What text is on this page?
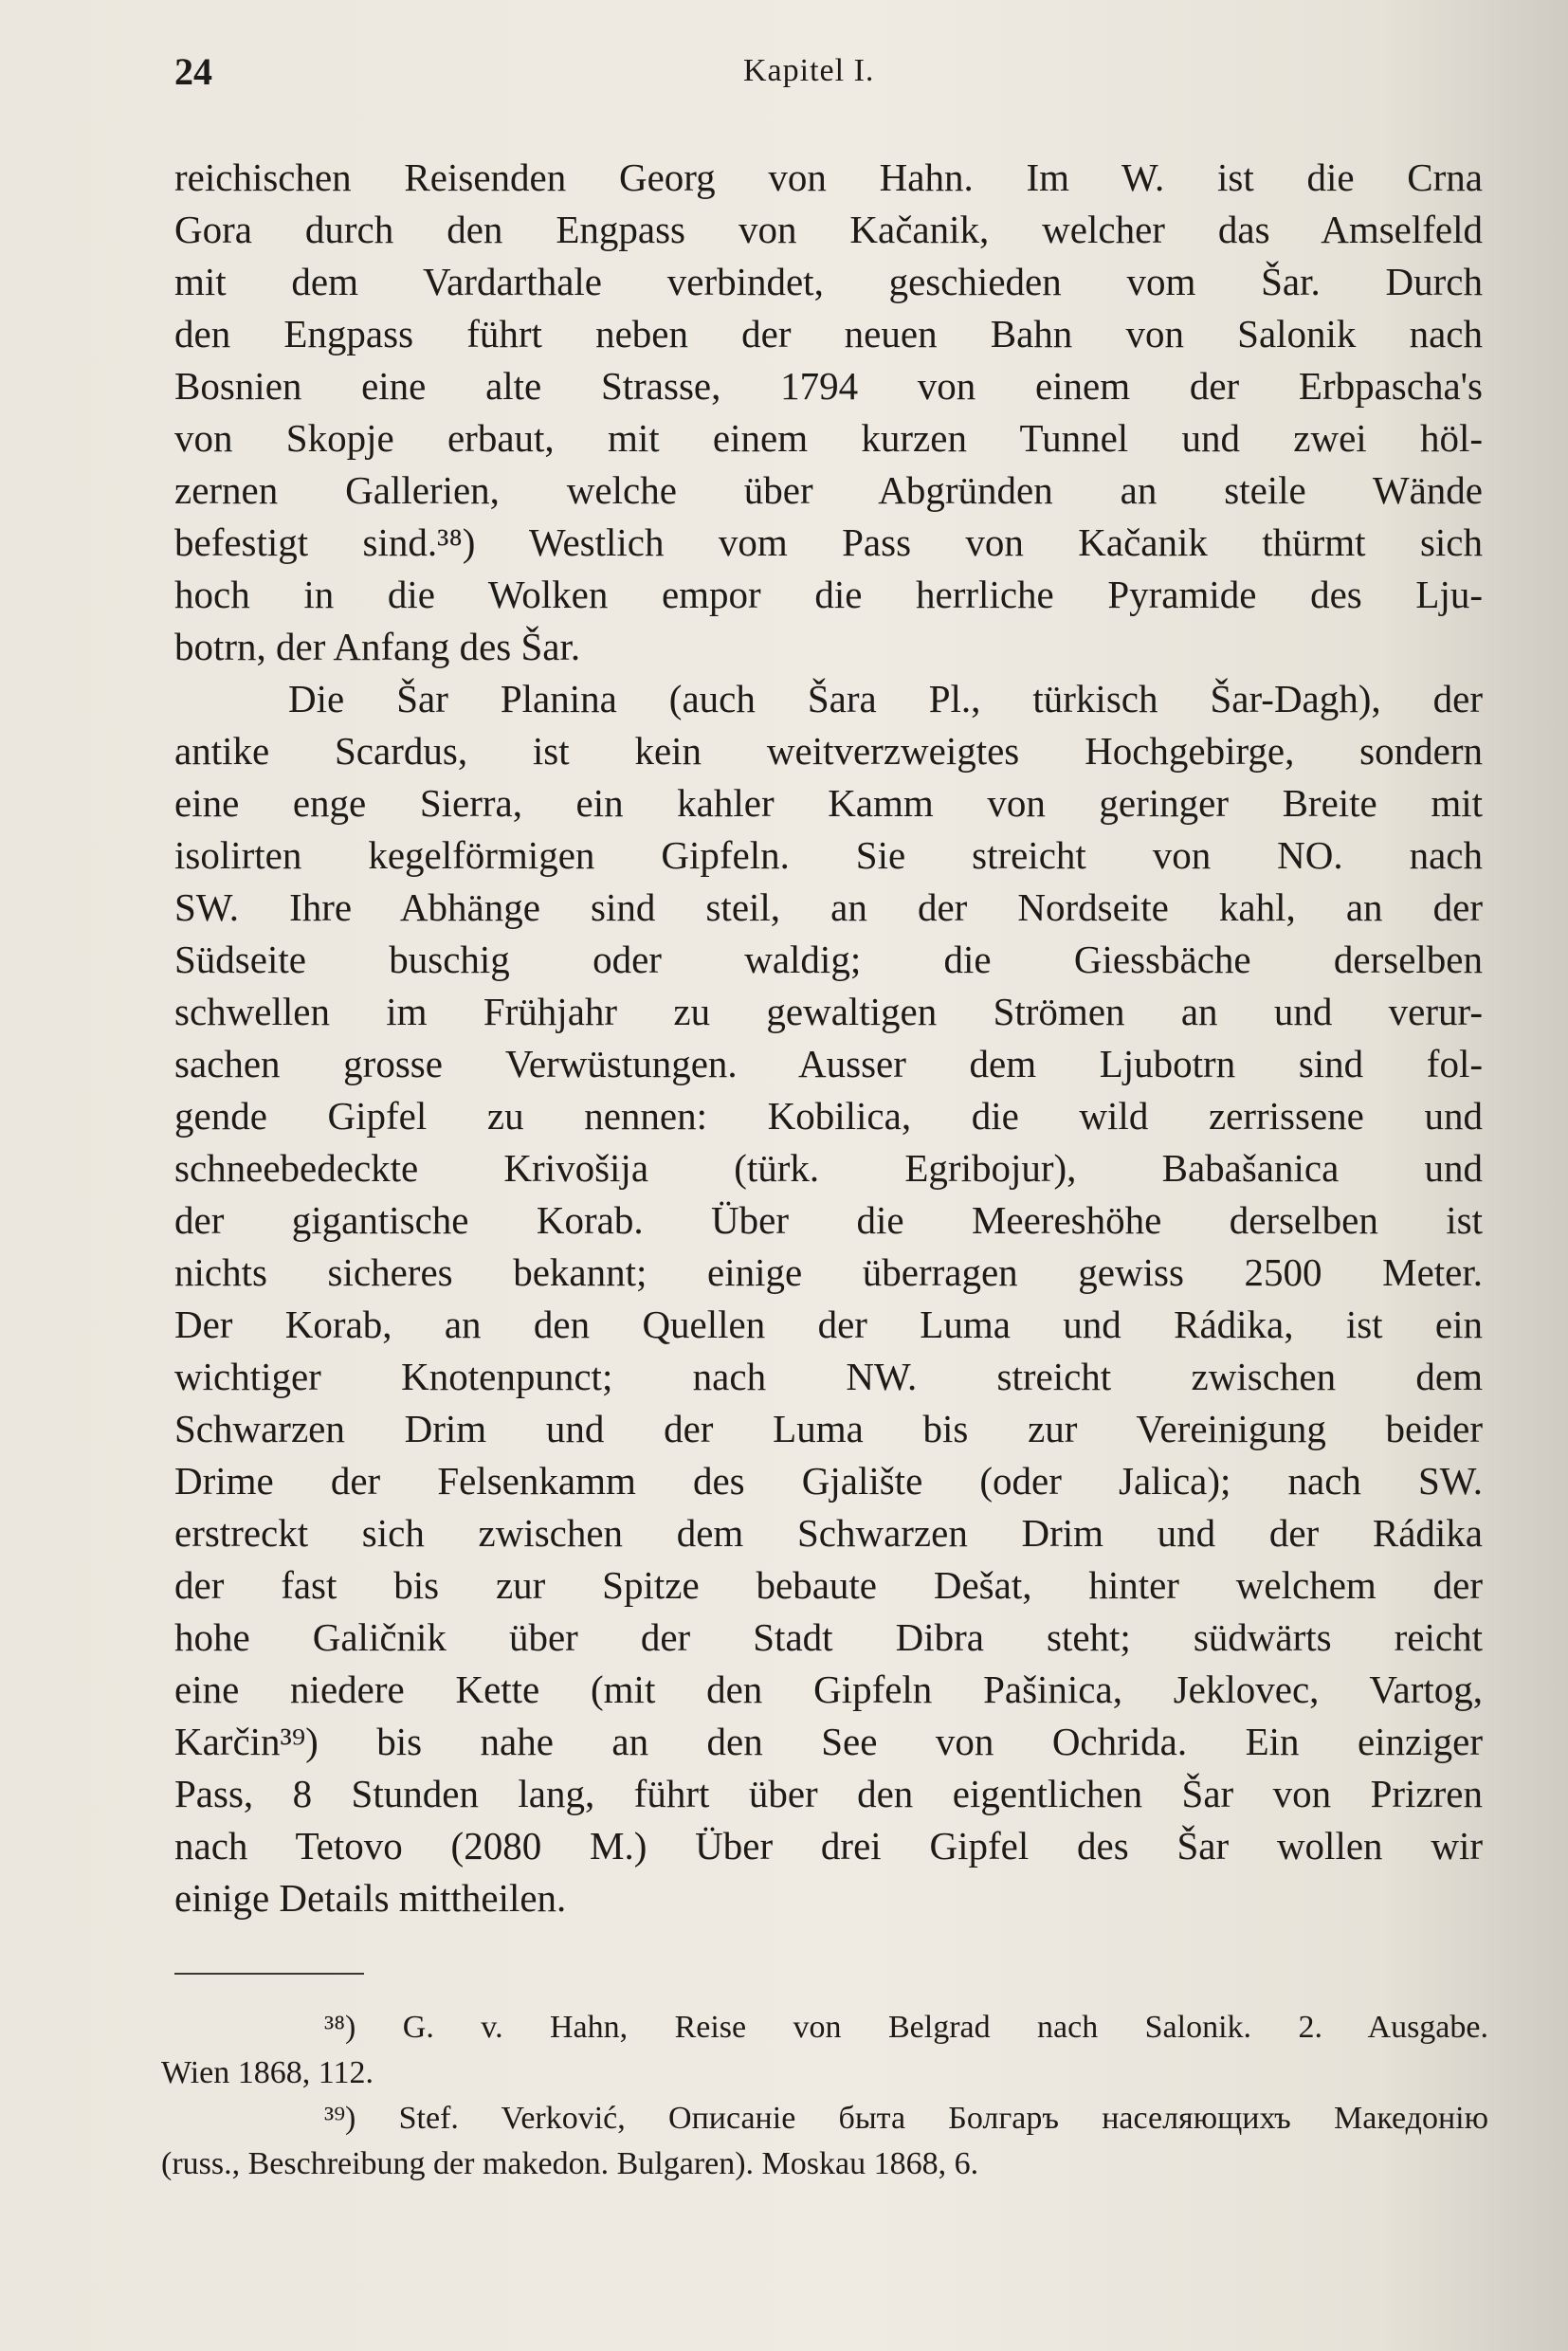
24	Kapitel I.
reichischen Reisenden Georg von Hahn. Im W. ist die Crna
Gora durch den Engpass von Kačanik, welcher das Amselfeld
mit dem Vardarthale verbindet, geschieden vom Šar. Durch
den Engpass führt neben der neuen Bahn von Salonik nach
Bosnien eine alte Strasse, 1794 von einem der Erbpascha's
von Skopje erbaut, mit einem kurzen Tunnel und zwei höl-
zernen Gallerien, welche über Abgründen an steile Wände
befestigt sind.³⁸) Westlich vom Pass von Kačanik thürmt sich
hoch in die Wolken empor die herrliche Pyramide des Lju-
botrn, der Anfang des Šar.
Die Šar Planina (auch Šara Pl., türkisch Šar-Dagh), der
antike Scardus, ist kein weitverzweigtes Hochgebirge, sondern
eine enge Sierra, ein kahler Kamm von geringer Breite mit
isolirten kegelförmigen Gipfeln. Sie streicht von NO. nach
SW. Ihre Abhänge sind steil, an der Nordseite kahl, an der
Südseite buschig oder waldig; die Giessbäche derselben
schwellen im Frühjahr zu gewaltigen Strömen an und verur-
sachen grosse Verwüstungen. Ausser dem Ljubotrn sind fol-
gende Gipfel zu nennen: Kobilica, die wild zerrissene und
schneebedeckte Krivošija (türk. Egribojur), Babašanica und
der gigantische Korab. Über die Meereshöhe derselben ist
nichts sicheres bekannt; einige überragen gewiss 2500 Meter.
Der Korab, an den Quellen der Luma und Rádika, ist ein
wichtiger Knotenpunct; nach NW. streicht zwischen dem
Schwarzen Drim und der Luma bis zur Vereinigung beider
Drime der Felsenkamm des Gjalište (oder Jalica); nach SW.
erstreckt sich zwischen dem Schwarzen Drim und der Rádika
der fast bis zur Spitze bebaute Dešat, hinter welchem der
hohe Galičnik über der Stadt Dibra steht; südwärts reicht
eine niedere Kette (mit den Gipfeln Pašinica, Jeklovec, Vartog,
Karčin³⁹) bis nahe an den See von Ochrida. Ein einziger
Pass, 8 Stunden lang, führt über den eigentlichen Šar von Prizren
nach Tetovo (2080 M.) Über drei Gipfel des Šar wollen wir
einige Details mittheilen.
³⁸) G. v. Hahn, Reise von Belgrad nach Salonik. 2. Ausgabe.
Wien 1868, 112.
³⁹) Stef. Verković, Описаніе быта Болгаръ населяющихъ Македонію
(russ., Beschreibung der makedon. Bulgaren). Moskau 1868, 6.
